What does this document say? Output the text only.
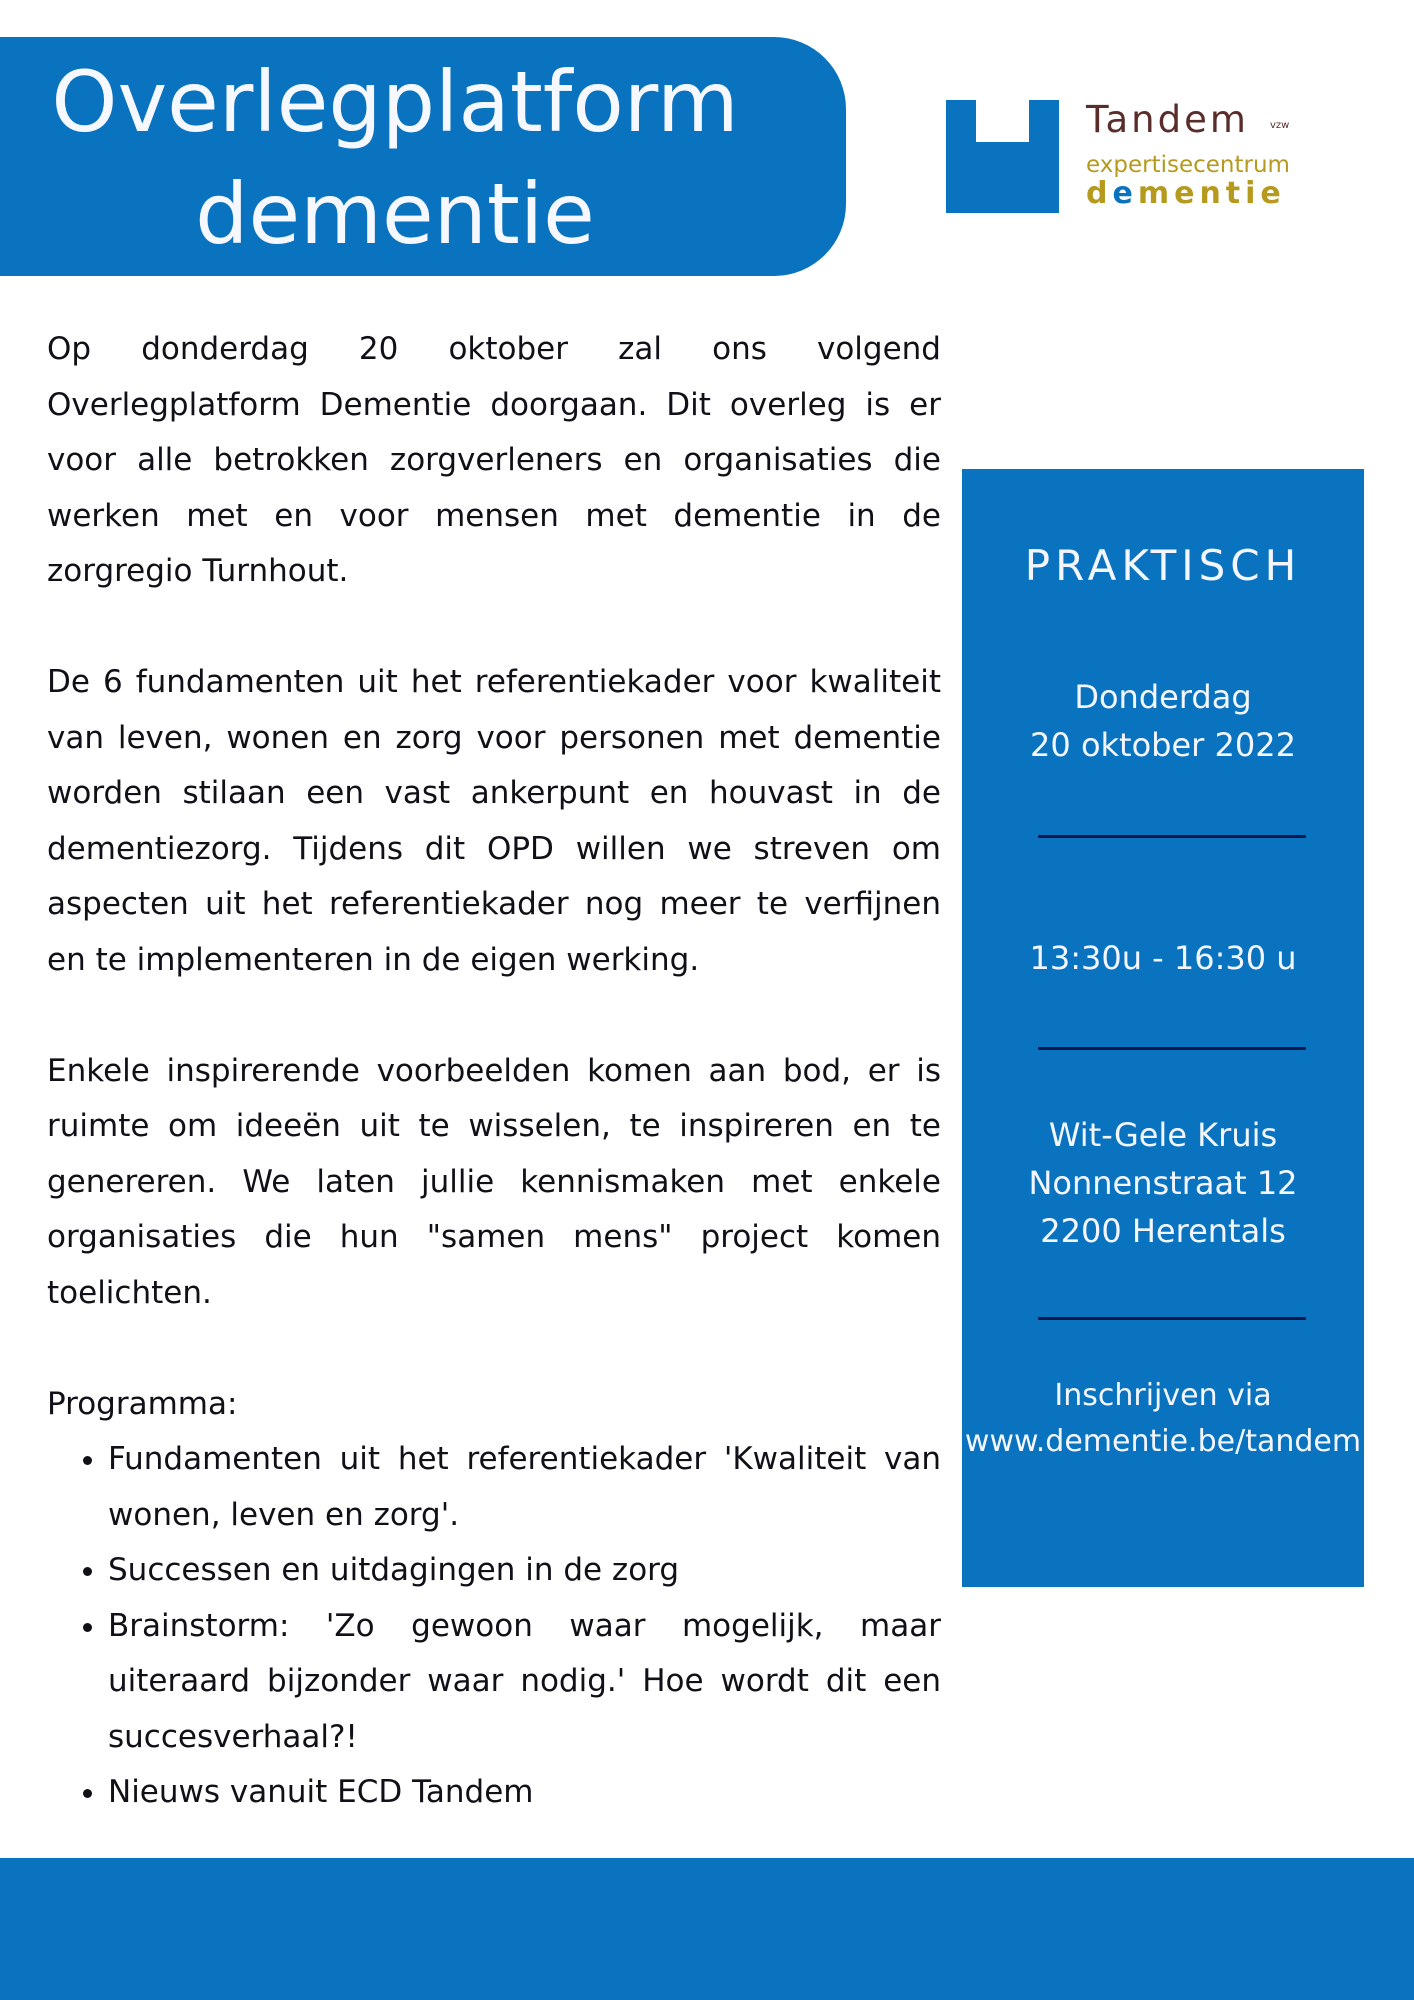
Overlegplatform
dementie
Tandem vzw
expertisecentrum
dementie

Op donderdag 20 oktober zal ons volgend Overlegplatform Dementie doorgaan. Dit overleg is er voor alle betrokken zorgverleners en organisaties die werken met en voor mensen met dementie in de zorgregio Turnhout.

De 6 fundamenten uit het referentiekader voor kwaliteit van leven, wonen en zorg voor personen met dementie worden stilaan een vast ankerpunt en houvast in de dementiezorg. Tijdens dit OPD willen we streven om aspecten uit het referentiekader nog meer te verfijnen en te implementeren in de eigen werking.

Enkele inspirerende voorbeelden komen aan bod, er is ruimte om ideeën uit te wisselen, te inspireren en te genereren. We laten jullie kennismaken met enkele organisaties die hun "samen mens" project komen toelichten.

Programma:
• Fundamenten uit het referentiekader 'Kwaliteit van wonen, leven en zorg'.
• Successen en uitdagingen in de zorg
• Brainstorm: 'Zo gewoon waar mogelijk, maar uiteraard bijzonder waar nodig.' Hoe wordt dit een succesverhaal?!
• Nieuws vanuit ECD Tandem
PRAKTISCH
Donderdag
20 oktober 2022
13:30u - 16:30 u
Wit-Gele Kruis
Nonnenstraat 12
2200 Herentals
Inschrijven via
www.dementie.be/tandem
